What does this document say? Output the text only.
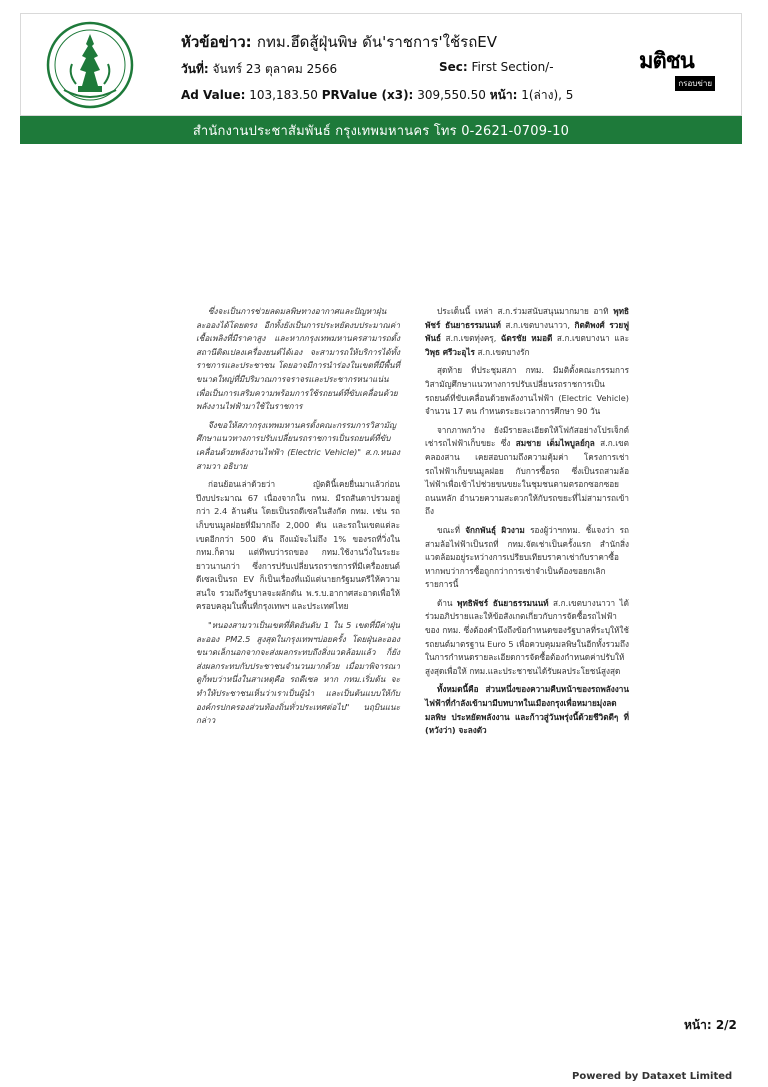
หัวข้อข่าว: กทม.ฮึดสู้ฝุ่นพิษ ดัน'ราชการ'ใช้รถEV
วันที่: จันทร์ 23 ตุลาคม 2566	Sec: First Section/-
Ad Value: 103,183.50 PRValue (x3): 309,550.50 หน้า: 1(ล่าง), 5
มติชน
กรอบข่าย
สำนักงานประชาสัมพันธ์ กรุงเทพมหานคร โทร 0-2621-0709-10

ซึ่งจะเป็นการช่วยลดมลพิษทางอากาศและปัญหาฝุ่นละอองได้โดยตรง อีกทั้งยังเป็นการประหยัดงบประมาณค่าเชื้อเพลิงที่มีราคาสูง และหากกรุงเทพมหานครสามารถตั้งสถานีติดเปลงเครื่องยนต์ได้เอง จะสามารถให้บริการได้ทั้งราชการและประชาชน โดยอาจมีการนำร่องในเขตที่มีพื้นที่ขนาดใหญ่ที่มีปริมาณการจราจรและประชากรหนาแน่น เพื่อเป็นการเสริมความพร้อมการใช้รถยนต์ที่ขับเคลื่อนด้วยพลังงานไฟฟ้ามาใช้ในราชการ

จึงขอให้สภากรุงเทพมหานครตั้งคณะกรรมการวิสามัญศึกษาแนวทางการปรับเปลี่ยนรถราชการเป็นรถยนต์ที่ขับเคลื่อนด้วยพลังงานไฟฟ้า (Electric Vehicle)" ส.ก.หนองสามวา อธิบาย

ก่อนย้อนเล่าด้วยว่า ญัตตินี้เคยยื่นมาแล้วก่อนปีงบประมาณ 67 เนื่องจากใน กทม. มีรถสันดาปรวมอยู่กว่า 2.4 ล้านคัน โดยเป็นรถดีเซลในสังกัด กทม. เช่น รถเก็บขนมูลฝอยที่มีมากถึง 2,000 คัน และรถในเขตแต่ละเขตอีกกว่า 500 คัน ถึงแม้จะไม่ถึง 1% ของรถที่วิ่งใน กทม.ก็ตาม แต่ทีพบว่ารถของ กทม.ใช้งานวิ่งในระยะยาวนานกว่า ซึ่งการปรับเปลี่ยนรถราชการที่มีเครื่องยนต์ดีเซลเป็นรถ EV ก็เป็นเรื่องที่แม้แต่นายกรัฐมนตรีให้ความสนใจ รวมถึงรัฐบาลจะผลักดัน พ.ร.บ.อากาศสะอาดเพื่อให้ครอบคลุมในพื้นที่กรุงเทพฯ และประเทศไทย

"หนองสามวาเป็นเขตที่ติดอันดับ 1 ใน 5 เขตที่มีค่าฝุ่นละออง PM2.5 สูงสุดในกรุงเทพฯบ่อยครั้ง โดยฝุ่นละอองขนาดเล็กนอกจากจะส่งผลกระทบถึงสิ่งแวดล้อมแล้ว ก็ยังส่งผลกระทบกับประชาชนจำนวนมากด้วย เมื่อมาพิจารณาดูก็พบว่าหนึ่งในสาเหตุคือ รถดีเซล หาก กทม.เริ่มต้น จะทำให้ประชาชนเห็นว่าเราเป็นผู้นำ และเป็นต้นแบบให้กับองค์กรปกครองส่วนท้องถิ่นทั่วประเทศต่อไป" นฤบินแนะกล่าว

ประเด็นนี้ เหล่า ส.ก.ร่วมสนับสนุนมากมาย อาทิ พุทธิพัชร์ ธันยาธรรมนนท์ ส.ก.เขตบางนาวา, กิตติพงศ์ รวยฟูพันธ์ ส.ก.เขตทุ่งครุ, ฉัตรชัย หมอดี ส.ก.เขตบางนา และ วิพุธ ศรีวะอุไร ส.ก.เขตบางรัก

สุดท้าย ที่ประชุมสภา กทม. มีมติตั้งคณะกรรมการวิสามัญศึกษาแนวทางการปรับเปลี่ยนรถราชการเป็นรถยนต์ที่ขับเคลื่อนด้วยพลังงานไฟฟ้า (Electric Vehicle) จำนวน 17 คน กำหนดระยะเวลาการศึกษา 90 วัน

จากภาพกว้าง ยังมีรายละเอียดให้โฟกัสอย่างโปรเจ็กต์เช่ารถไฟฟ้าเก็บขยะ ซึ่ง สมชาย เต็มไพบูลย์กุล ส.ก.เขตคลองสาน เคยสอบถามถึงความคุ้มค่า โครงการเช่ารถไฟฟ้าเก็บขนมูลฝอย กับการซื้อรถ ซึ่งเป็นรถสามล้อไฟฟ้าเพื่อเข้าไปช่วยขนขยะในชุมชนตามตรอกซอกซอยถนนหลัก อำนวยความสะดวกให้กับรถขยะที่ไม่สามารถเข้าถึง

ขณะที่ จักกพันธุ์ ผิวงาม รองผู้ว่าฯกทม. ชี้แจงว่า รถสามล้อไฟฟ้าเป็นรถที่ กทม.จัดเช่าเป็นครั้งแรก สำนักสิ่งแวดล้อมอยู่ระหว่างการเปรียบเทียบราคาเช่ากับราคาซื้อ หากพบว่าการซื้อถูกกว่าการเช่าจำเป็นต้องขอยกเลิกรายการนี้

ด้าน พุทธิพัชร์ ธันยาธรรมนนท์ ส.ก.เขตบางนาวา ได้ร่วมอภิปรายและให้ข้อสังเกตเกี่ยวกับการจัดซื้อรถไฟฟ้าของ กทม. ซึ่งต้องคำนึงถึงข้อกำหนดของรัฐบาลที่ระบุให้ใช้รถยนต์มาตรฐาน Euro 5 เพื่อควบคุมมลพิษในอีกทั้งรวมถึงในการกำหนดรายละเอียดการจัดซื้อต้องกำหนดค่าปรับให้สูงสุดเพื่อให้ กทม.และประชาชนได้รับผลประโยชน์สูงสุด

ทั้งหมดนี้คือ ส่วนหนึ่งของความคืบหน้าของรถพลังงานไฟฟ้าที่กำลังเข้ามามีบทบาทในเมืองกรุงเพื่อหมายมุ่งลดมลพิษ ประหยัดพลังงาน และก้าวสู่วันพรุ่งนี้ด้วยชีวิตดีๆ ที่ (หวังว่า) จะลงตัว

หน้า: 2/2
Powered by Dataxet Limited
